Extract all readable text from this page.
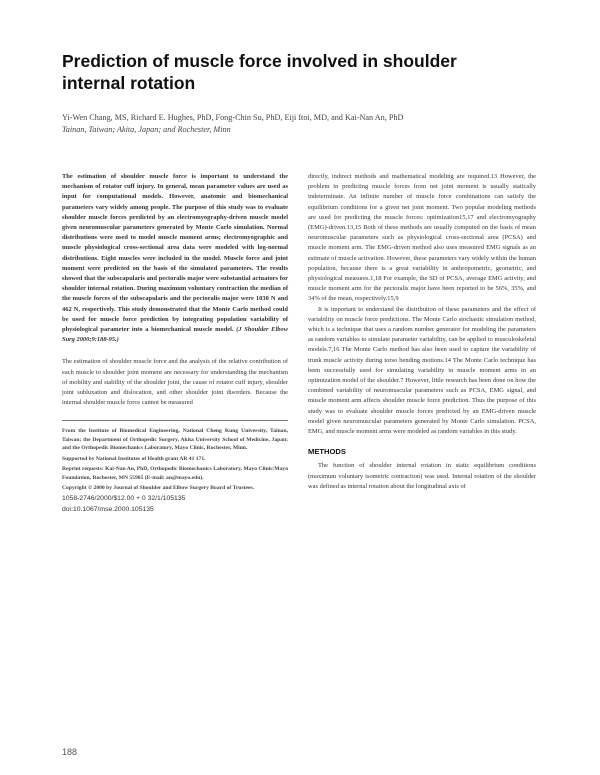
Prediction of muscle force involved in shoulder internal rotation
Yi-Wen Chang, MS, Richard E. Hughes, PhD, Fong-Chin Su, PhD, Eiji Itoi, MD, and Kai-Nan An, PhD
Tainan, Taiwan; Akita, Japan; and Rochester, Minn

The estimation of shoulder muscle force is important to understand the mechanism of rotator cuff injury. In general, mean parameter values are used as input for computational models. However, anatomic and biomechanical parameters vary widely among people. The purpose of this study was to evaluate shoulder muscle forces predicted by an electromyography-driven muscle model given neuromuscular parameters generated by Monte Carlo simulation. Normal distributions were used to model muscle moment arms; electromyographic and muscle physiological cross-sectional area data were modeled with log-normal distributions. Eight muscles were included in the model. Muscle force and joint moment were predicted on the basis of the simulated parameters. The results showed that the subscapularis and pectoralis major were substantial actuators for shoulder internal rotation. During maximum voluntary contraction the median of the muscle forces of the subscapularis and the pectoralis major were 1030 N and 462 N, respectively. This study demonstrated that the Monte Carlo method could be used for muscle force prediction by integrating population variability of physiological parameter into a biomechanical muscle model. (J Shoulder Elbow Surg 2000;9:188-95.)

The estimation of shoulder muscle force and the analysis of the relative contribution of each muscle to shoulder joint moment are necessary for understanding the mechanism of mobility and stability of the shoulder joint, the cause of rotator cuff injury, shoulder joint subluxation and dislocation, and other shoulder joint disorders. Because the internal shoulder muscle force cannot be measured

From the Institute of Biomedical Engineering, National Cheng Kung University, Tainan, Taiwan; the Department of Orthopedic Surgery, Akita University School of Medicine, Japan; and the Orthopedic Biomechanics Laboratory, Mayo Clinic, Rochester, Minn.

Supported by National Institutes of Health grant AR 41 171.

Reprint requests: Kai-Nan An, PhD, Orthopedic Biomechanics Laboratory, Mayo Clinic/Mayo Foundation, Rochester, MN 55905 (E-mail: an@mayo.edu).

Copyright © 2000 by Journal of Shoulder and Elbow Surgery Board of Trustees.

1058-2746/2000/$12.00 + 0 32/1/105135

doi:10.1067/mse.2000.105135

directly, indirect methods and mathematical modeling are required.13 However, the problem in predicting muscle forces from net joint moment is usually statically indeterminate. An infinite number of muscle force combinations can satisfy the equilibrium conditions for a given net joint moment. Two popular modeling methods are used for predicting the muscle forces: optimization15,17 and electromyography (EMG)-driven.13,15 Both of these methods are usually computed on the basis of mean neuromuscular parameters such as physiological cross-sectional area (PCSA) and muscle moment arm. The EMG-driven method also uses measured EMG signals as an estimate of muscle activation. However, these parameters vary widely within the human population, because there is a great variability in anthropometric, geometric, and physiological measures.1,18 For example, the SD of PCSA, average EMG activity, and muscle moment arm for the pectoralis major have been reported to be 56%, 35%, and 34% of the mean, respectively.15,9

It is important to understand the distribution of these parameters and the effect of variability on muscle force predictions. The Monte Carlo stochastic simulation method, which is a technique that uses a random number generator for modeling the parameters as random variables to simulate parameter variability, can be applied to musculoskeletal models.7,16 The Monte Carlo method has also been used to capture the variability of trunk muscle activity during torso bending motions.14 The Monte Carlo technique has been successfully used for simulating variability in muscle moment arms in an optimization model of the shoulder.7 However, little research has been done on how the combined variability of neuromuscular parameters such as PCSA, EMG signal, and muscle moment arm affects shoulder muscle force prediction. Thus the purpose of this study was to evaluate shoulder muscle forces predicted by an EMG-driven muscle model given neuromuscular parameters generated by Monte Carlo simulation. PCSA, EMG, and muscle moment arms were modeled as random variables in this study.

METHODS

The function of shoulder internal rotation in static equilibrium conditions (maximum voluntary isometric contraction) was used. Internal rotation of the shoulder was defined as internal rotation about the longitudinal axis of

188
